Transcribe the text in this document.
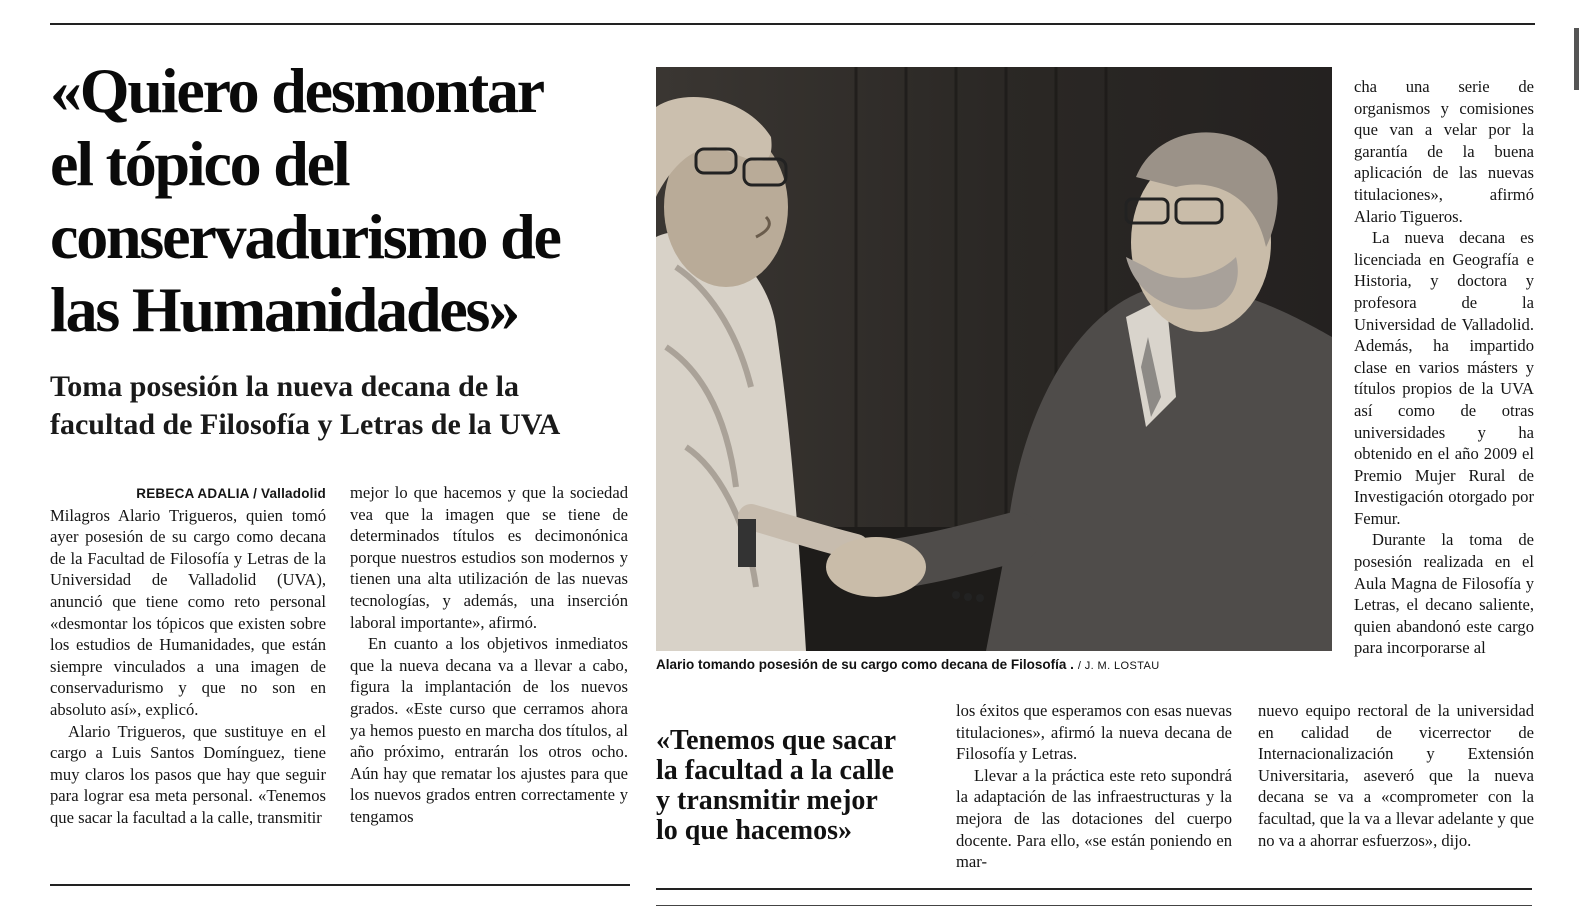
«Quiero desmontar
el tópico del
conservadurismo de
las Humanidades»
Toma posesión la nueva decana de la
facultad de Filosofía y Letras de la UVA

REBECA ADALIA / Valladolid

Milagros Alario Trigueros, quien tomó ayer posesión de su cargo como decana de la Facultad de Filosofía y Letras de la Universidad de Valladolid (UVA), anunció que tiene como reto personal «desmontar los tópicos que existen sobre los estudios de Humanidades, que están siempre vinculados a una imagen de conservadurismo y que no son en absoluto así», explicó.

Alario Trigueros, que sustituye en el cargo a Luis Santos Domínguez, tiene muy claros los pasos que hay que seguir para lograr esa meta personal. «Tenemos que sacar la facultad a la calle, transmitir

mejor lo que hacemos y que la sociedad vea que la imagen que se tiene de determinados títulos es decimonónica porque nuestros estudios son modernos y tienen una alta utilización de las nuevas tecnologías, y además, una inserción laboral importante», afirmó.

En cuanto a los objetivos inmediatos que la nueva decana va a llevar a cabo, figura la implantación de los nuevos grados. «Este curso que cerramos ahora ya hemos puesto en marcha dos títulos, al año próximo, entrarán los otros ocho. Aún hay que rematar los ajustes para que los nuevos grados entren correctamente y tengamos

Alario tomando posesión de su cargo como decana de Filosofía . / J. M. LOSTAU
«Tenemos que sacar
la facultad a la calle
y transmitir mejor
lo que hacemos»

los éxitos que esperamos con esas nuevas titulaciones», afirmó la nueva decana de Filosofía y Letras.

Llevar a la práctica este reto supondrá la adaptación de las infraestructuras y la mejora de las dotaciones del cuerpo docente. Para ello, «se están poniendo en mar-

cha una serie de organismos y comisiones que van a velar por la garantía de la buena aplicación de las nuevas titulaciones», afirmó Alario Tigueros.

La nueva decana es licenciada en Geografía e Historia, y doctora y profesora de la Universidad de Valladolid. Además, ha impartido clase en varios másters y títulos propios de la UVA así como de otras universidades y ha obtenido en el año 2009 el Premio Mujer Rural de Investigación otorgado por Femur.

Durante la toma de posesión realizada en el Aula Magna de Filosofía y Letras, el decano saliente, quien abandonó este cargo para incorporarse al

nuevo equipo rectoral de la universidad en calidad de vicerrector de Internacionalización y Extensión Universitaria, aseveró que la nueva decana se va a «comprometer con la facultad, que la va a llevar adelante y que no va a ahorrar esfuerzos», dijo.
